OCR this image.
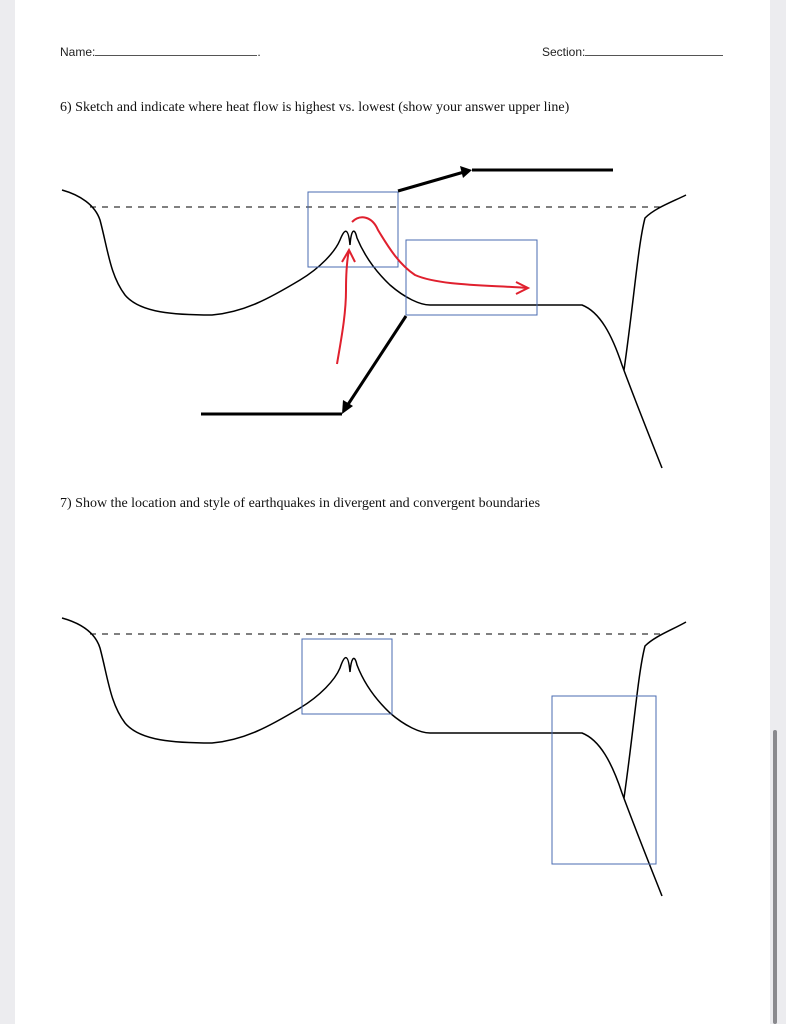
Name:	.	Section:
6) Sketch and indicate where heat flow is highest vs. lowest (show your answer upper line)
7) Show the location and style of earthquakes in divergent and convergent boundaries
